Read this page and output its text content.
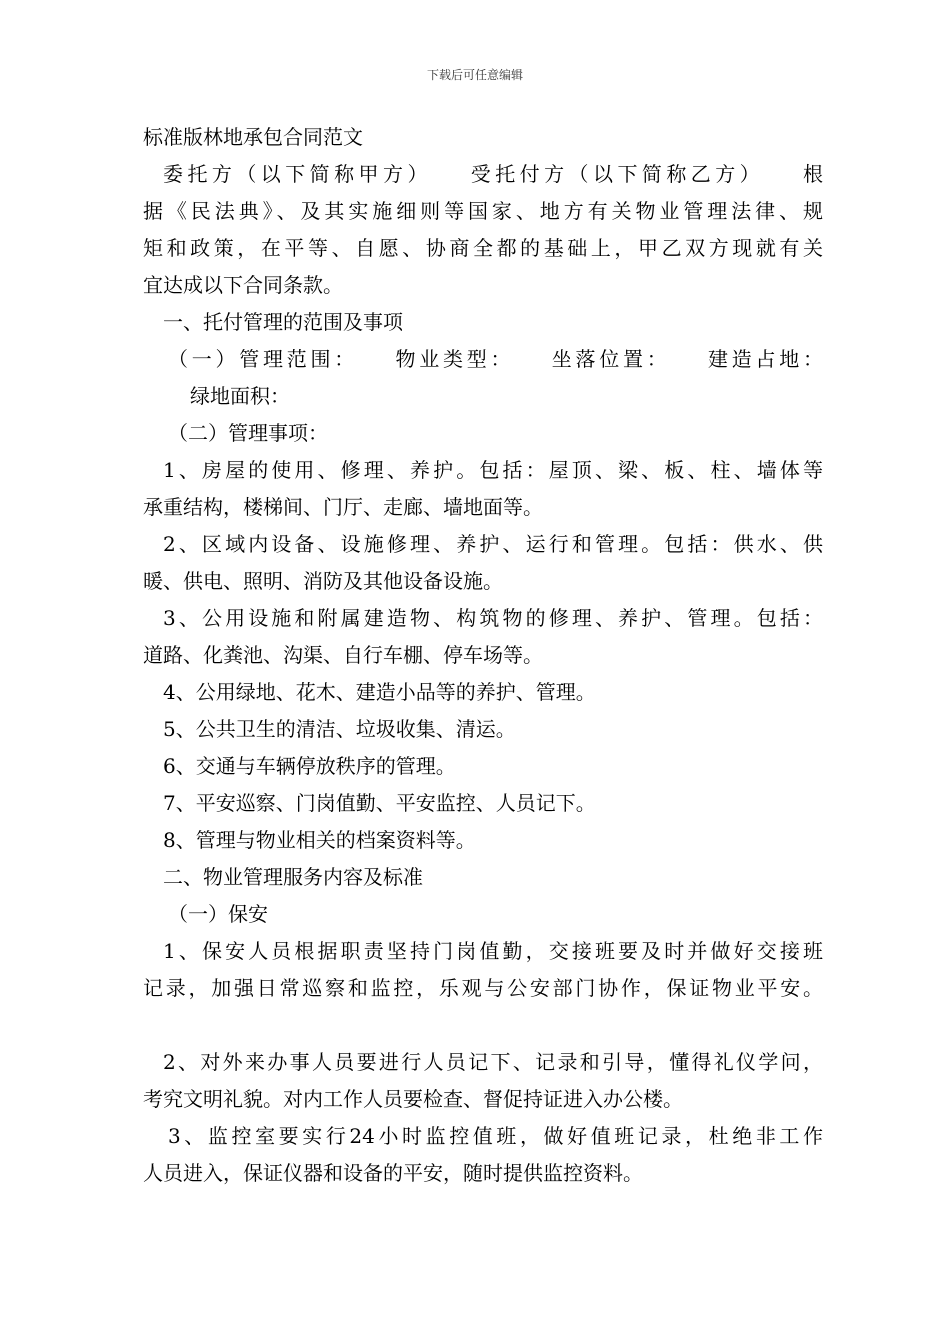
下载后可任意编辑
标准版林地承包合同范文
委托方（以下简称甲方）　　受托付方（以下简称乙方）　　根
据《民法典》、及其实施细则等国家、地方有关物业管理法律、规
矩和政策，在平等、自愿、协商全都的基础上，甲乙双方现就有关
宜达成以下合同条款。
一、托付管理的范围及事项
（一）管理范围：　　物业类型：　　坐落位置：　　建造占地：
绿地面积：
（二）管理事项：
1、房屋的使用、修理、养护。包括：屋顶、梁、板、柱、墙体等
承重结构，楼梯间、门厅、走廊、墙地面等。
2、区域内设备、设施修理、养护、运行和管理。包括：供水、供
暖、供电、照明、消防及其他设备设施。
3、公用设施和附属建造物、构筑物的修理、养护、管理。包括：
道路、化粪池、沟渠、自行车棚、停车场等。
4、公用绿地、花木、建造小品等的养护、管理。
5、公共卫生的清洁、垃圾收集、清运。
6、交通与车辆停放秩序的管理。
7、平安巡察、门岗值勤、平安监控、人员记下。
8、管理与物业相关的档案资料等。
二、物业管理服务内容及标准
（一）保安
1、保安人员根据职责坚持门岗值勤，交接班要及时并做好交接班
记录，加强日常巡察和监控，乐观与公安部门协作，保证物业平安。
2、对外来办事人员要进行人员记下、记录和引导，懂得礼仪学问，
考究文明礼貌。对内工作人员要检查、督促持证进入办公楼。
3、监控室要实行24小时监控值班，做好值班记录，杜绝非工作
人员进入，保证仪器和设备的平安，随时提供监控资料。
